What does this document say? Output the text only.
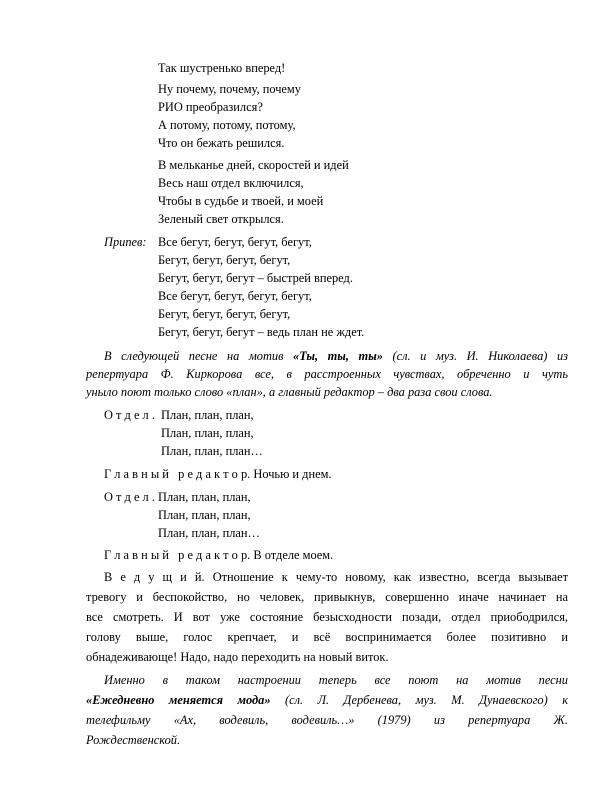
Так шустренько вперед!
Ну почему, почему, почему
РИО преобразился?
А потому, потому, потому,
Что он бежать решился.
В мельканье дней, скоростей и идей
Весь наш отдел включился,
Чтобы в судьбе и твоей, и моей
Зеленый свет открылся.
Припев: Все бегут, бегут, бегут, бегут,
Бегут, бегут, бегут, бегут,
Бегут, бегут, бегут – быстрей вперед.
Все бегут, бегут, бегут, бегут,
Бегут, бегут, бегут, бегут,
Бегут, бегут, бегут – ведь план не ждет.
В следующей песне на мотив «Ты, ты, ты» (сл. и муз. И. Николаева) из
репертуара Ф. Киркорова все, в расстроенных чувствах, обреченно и чуть
уныло поют только слово «план», а главный редактор – два раза свои слова.
О т д е л . План, план, план,
План, план, план,
План, план, план…
Г л а в н ы й   р е д а к т о р. Ночью и днем.
О т д е л . План, план, план,
План, план, план,
План, план, план…
Г л а в н ы й   р е д а к т о р. В отделе моем.
В е д у щ и й. Отношение к чему-то новому, как известно, всегда вызывает
тревогу и беспокойство, но человек, привыкнув, совершенно иначе начинает на
все смотреть. И вот уже состояние безысходности позади, отдел приободрился,
голову выше, голос крепчает, и всё воспринимается более позитивно и
обнадеживающе! Надо, надо переходить на новый виток.
Именно в таком настроении теперь все поют на мотив песни
«Ежедневно меняется мода» (сл. Л. Дербенева, муз. М. Дунаевского) к
телефильму «Ах, водевиль, водевиль…» (1979) из репертуара Ж.
Рождественской.
